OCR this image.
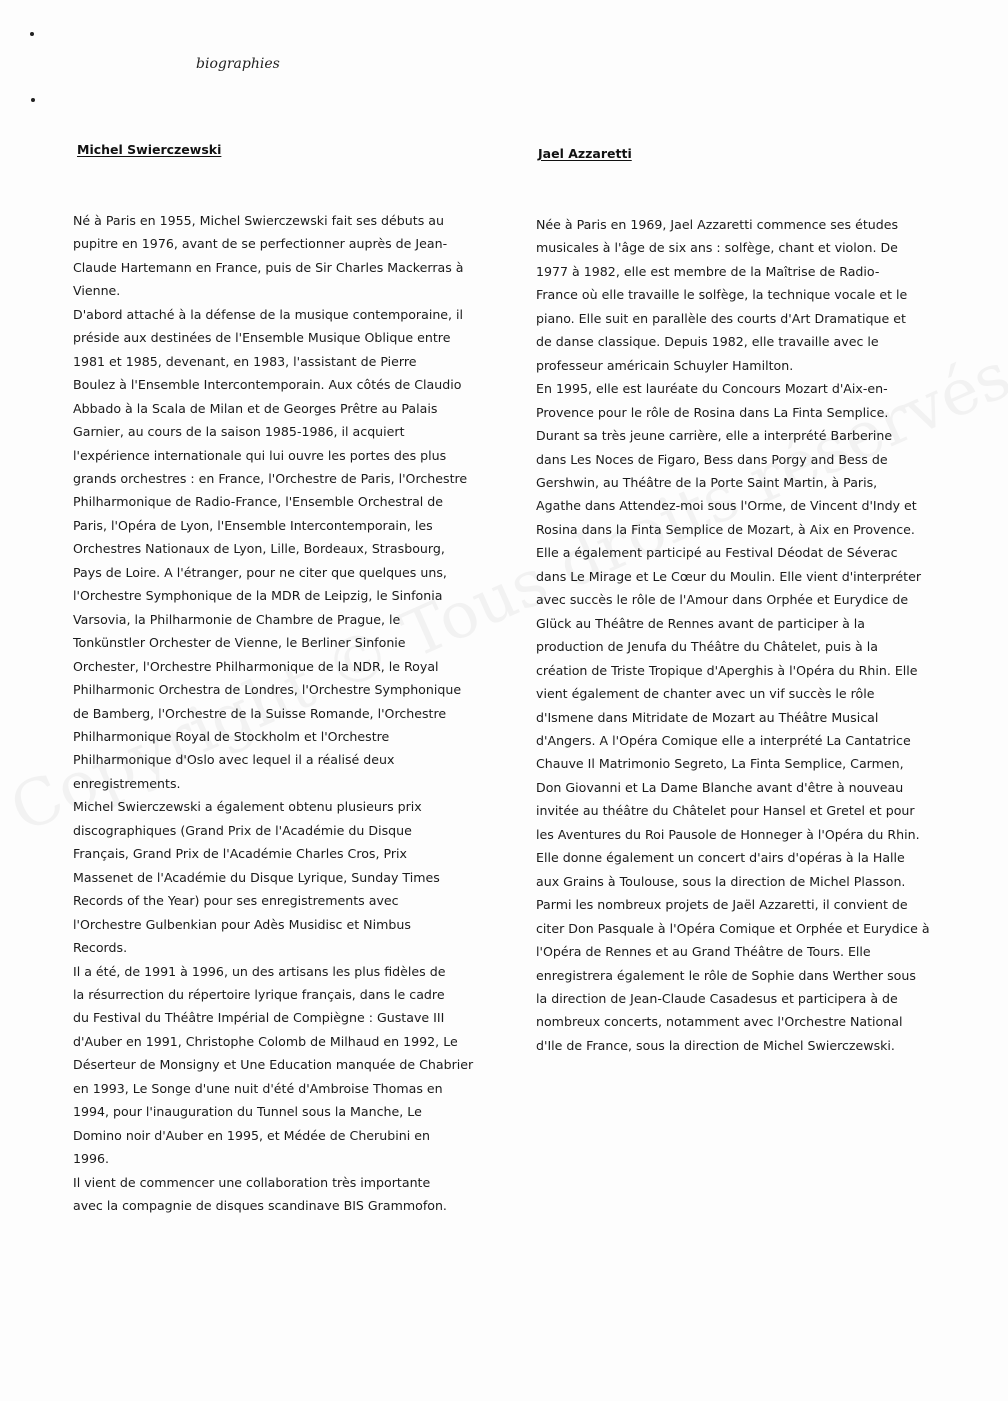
biographies
Michel Swierczewski	Jael Azzaretti
Né à Paris en 1955, Michel Swierczewski fait ses débuts au
pupitre en 1976, avant de se perfectionner auprès de Jean-
Claude Hartemann en France, puis de Sir Charles Mackerras à
Vienne.
D'abord attaché à la défense de la musique contemporaine, il
préside aux destinées de l'Ensemble Musique Oblique entre
1981 et 1985, devenant, en 1983, l'assistant de Pierre
Boulez à l'Ensemble Intercontemporain. Aux côtés de Claudio
Abbado à la Scala de Milan et de Georges Prêtre au Palais
Garnier, au cours de la saison 1985-1986, il acquiert
l'expérience internationale qui lui ouvre les portes des plus
grands orchestres : en France, l'Orchestre de Paris, l'Orchestre
Philharmonique de Radio-France, l'Ensemble Orchestral de
Paris, l'Opéra de Lyon, l'Ensemble Intercontemporain, les
Orchestres Nationaux de Lyon, Lille, Bordeaux, Strasbourg,
Pays de Loire. A l'étranger, pour ne citer que quelques uns,
l'Orchestre Symphonique de la MDR de Leipzig, le Sinfonia
Varsovia, la Philharmonie de Chambre de Prague, le
Tonkünstler Orchester de Vienne, le Berliner Sinfonie
Orchester, l'Orchestre Philharmonique de la NDR, le Royal
Philharmonic Orchestra de Londres, l'Orchestre Symphonique
de Bamberg, l'Orchestre de la Suisse Romande, l'Orchestre
Philharmonique Royal de Stockholm et l'Orchestre
Philharmonique d'Oslo avec lequel il a réalisé deux
enregistrements.
Michel Swierczewski a également obtenu plusieurs prix
discographiques (Grand Prix de l'Académie du Disque
Français, Grand Prix de l'Académie Charles Cros, Prix
Massenet de l'Académie du Disque Lyrique, Sunday Times
Records of the Year) pour ses enregistrements avec
l'Orchestre Gulbenkian pour Adès Musidisc et Nimbus
Records.
Il a été, de 1991 à 1996, un des artisans les plus fidèles de
la résurrection du répertoire lyrique français, dans le cadre
du Festival du Théâtre Impérial de Compiègne : Gustave III
d'Auber en 1991, Christophe Colomb de Milhaud en 1992, Le
Déserteur de Monsigny et Une Education manquée de Chabrier
en 1993, Le Songe d'une nuit d'été d'Ambroise Thomas en
1994, pour l'inauguration du Tunnel sous la Manche, Le
Domino noir d'Auber en 1995, et Médée de Cherubini en
1996.
Il vient de commencer une collaboration très importante
avec la compagnie de disques scandinave BIS Grammofon.
Née à Paris en 1969, Jael Azzaretti commence ses études
musicales à l'âge de six ans : solfège, chant et violon. De
1977 à 1982, elle est membre de la Maîtrise de Radio-
France où elle travaille le solfège, la technique vocale et le
piano. Elle suit en parallèle des courts d'Art Dramatique et
de danse classique. Depuis 1982, elle travaille avec le
professeur américain Schuyler Hamilton.
En 1995, elle est lauréate du Concours Mozart d'Aix-en-
Provence pour le rôle de Rosina dans La Finta Semplice.
Durant sa très jeune carrière, elle a interprété Barberine
dans Les Noces de Figaro, Bess dans Porgy and Bess de
Gershwin, au Théâtre de la Porte Saint Martin, à Paris,
Agathe dans Attendez-moi sous l'Orme, de Vincent d'Indy et
Rosina dans la Finta Semplice de Mozart, à Aix en Provence.
Elle a également participé au Festival Déodat de Séverac
dans Le Mirage et Le Cœur du Moulin. Elle vient d'interpréter
avec succès le rôle de l'Amour dans Orphée et Eurydice de
Glück au Théâtre de Rennes avant de participer à la
production de Jenufa du Théâtre du Châtelet, puis à la
création de Triste Tropique d'Aperghis à l'Opéra du Rhin. Elle
vient également de chanter avec un vif succès le rôle
d'Ismene dans Mitridate de Mozart au Théâtre Musical
d'Angers. A l'Opéra Comique elle a interprété La Cantatrice
Chauve Il Matrimonio Segreto, La Finta Semplice, Carmen,
Don Giovanni et La Dame Blanche avant d'être à nouveau
invitée au théâtre du Châtelet pour Hansel et Gretel et pour
les Aventures du Roi Pausole de Honneger à l'Opéra du Rhin.
Elle donne également un concert d'airs d'opéras à la Halle
aux Grains à Toulouse, sous la direction de Michel Plasson.
Parmi les nombreux projets de Jaël Azzaretti, il convient de
citer Don Pasquale à l'Opéra Comique et Orphée et Eurydice à
l'Opéra de Rennes et au Grand Théâtre de Tours. Elle
enregistrera également le rôle de Sophie dans Werther sous
la direction de Jean-Claude Casadesus et participera à de
nombreux concerts, notamment avec l'Orchestre National
d'Ile de France, sous la direction de Michel Swierczewski.
